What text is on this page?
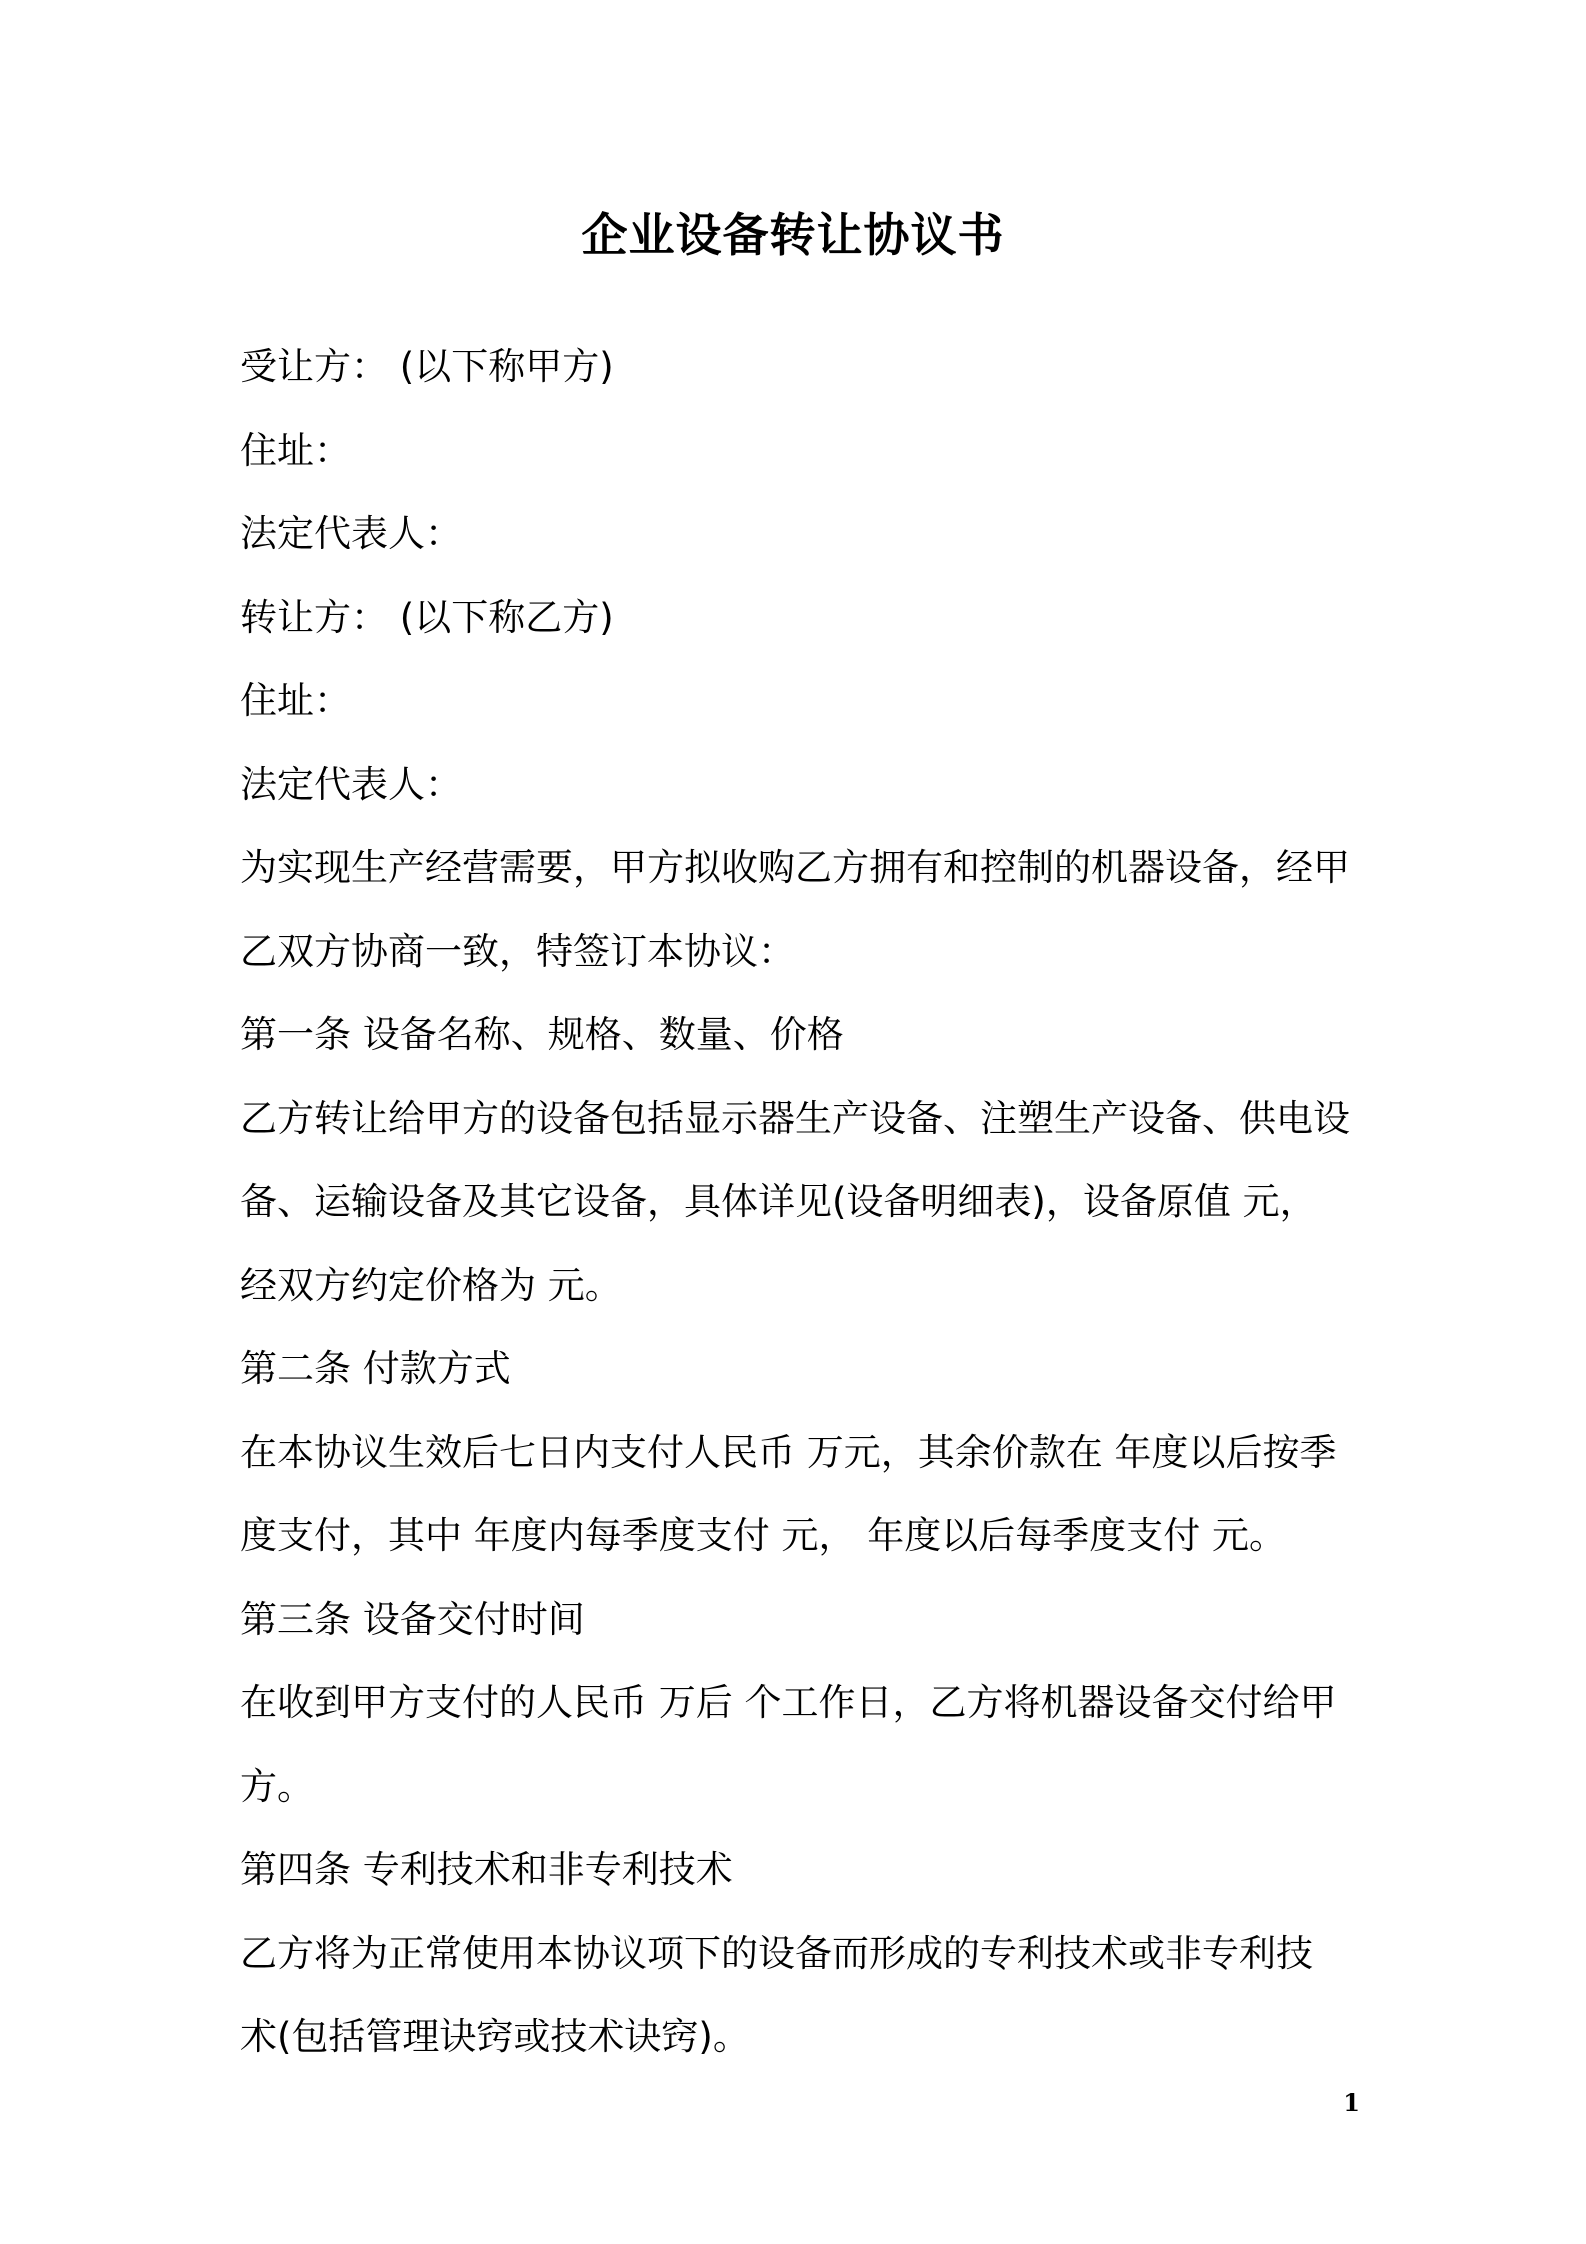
企业设备转让协议书
受让方： (以下称甲方)
住址：
法定代表人：
转让方： (以下称乙方)
住址：
法定代表人：
为实现生产经营需要，甲方拟收购乙方拥有和控制的机器设备，经甲
乙双方协商一致，特签订本协议：
第一条 设备名称、规格、数量、价格
乙方转让给甲方的设备包括显示器生产设备、注塑生产设备、供电设
备、运输设备及其它设备，具体详见(设备明细表)，设备原值 元，
经双方约定价格为 元。
第二条 付款方式
在本协议生效后七日内支付人民币 万元，其余价款在 年度以后按季
度支付，其中 年度内每季度支付 元， 年度以后每季度支付 元。
第三条 设备交付时间
在收到甲方支付的人民币 万后 个工作日，乙方将机器设备交付给甲
方。
第四条 专利技术和非专利技术
乙方将为正常使用本协议项下的设备而形成的专利技术或非专利技
术(包括管理诀窍或技术诀窍)。
1
